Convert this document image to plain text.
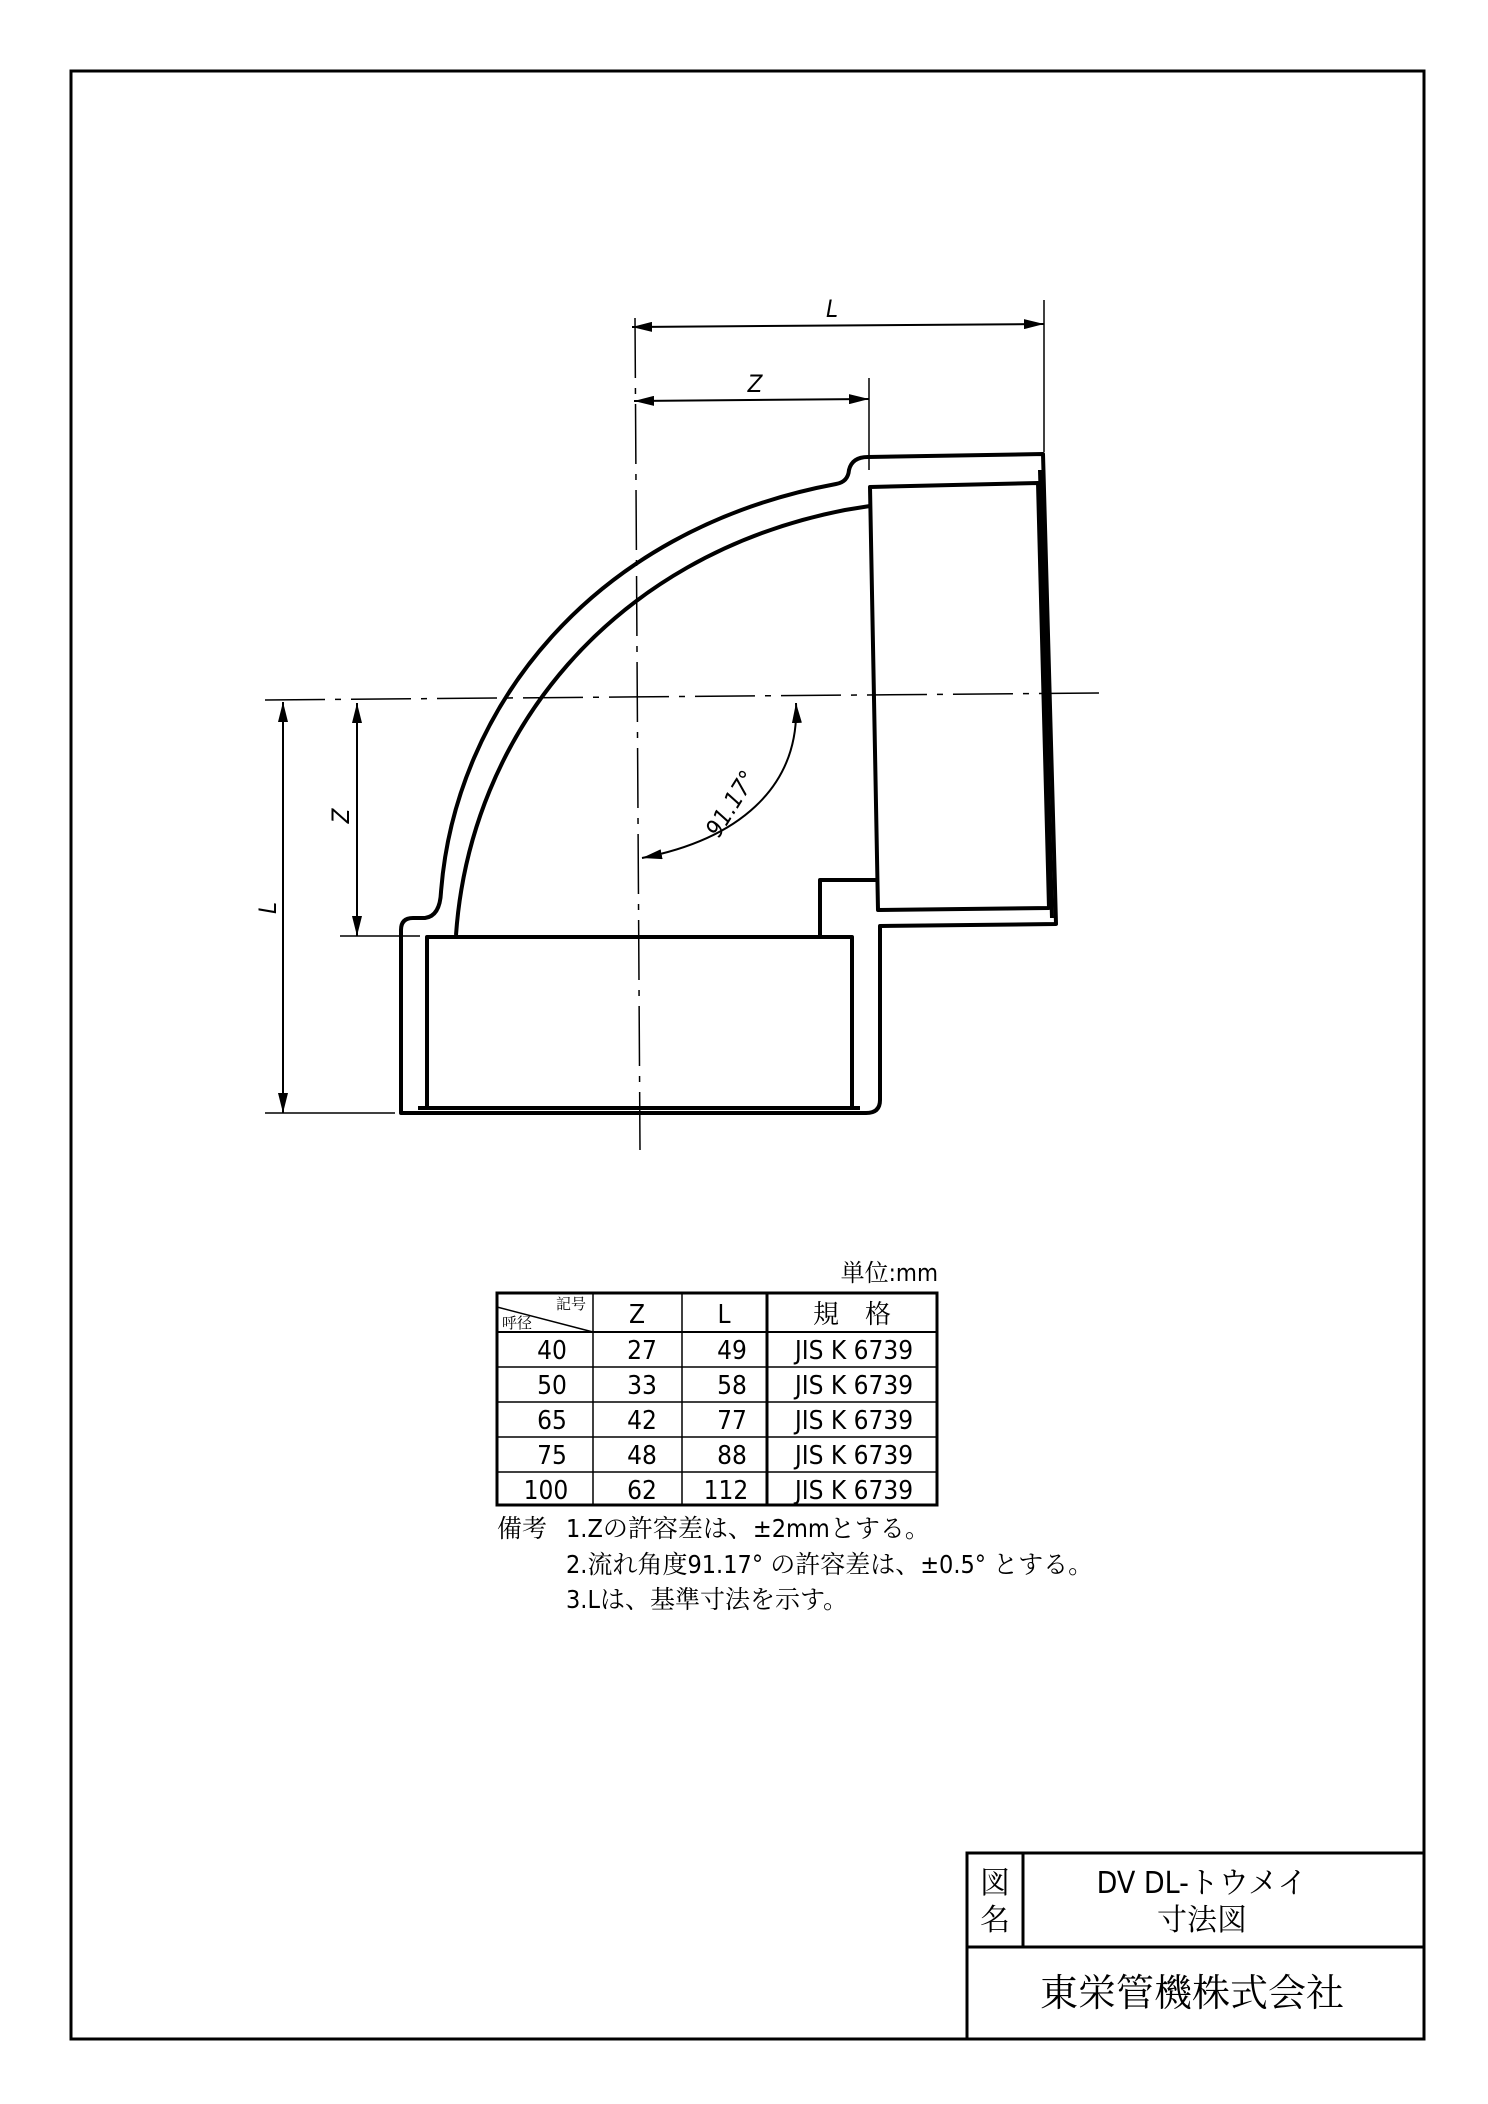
L
Z
L
Z	91.17°
単位:mm
記号
呼径	Z	L	規　格
40 27 49 JIS K 6739
50 33 58 JIS K 6739
65 42 77 JIS K 6739
75 48 88 JIS K 6739
100 62 112 JIS K 6739
備考 1.Zの許容差は、±2mmとする。
2.流れ角度91.17° の許容差は、±0.5° とする。
3.Lは、基準寸法を示す。
図
名
DV DL-トウメイ
寸法図
東栄管機株式会社
